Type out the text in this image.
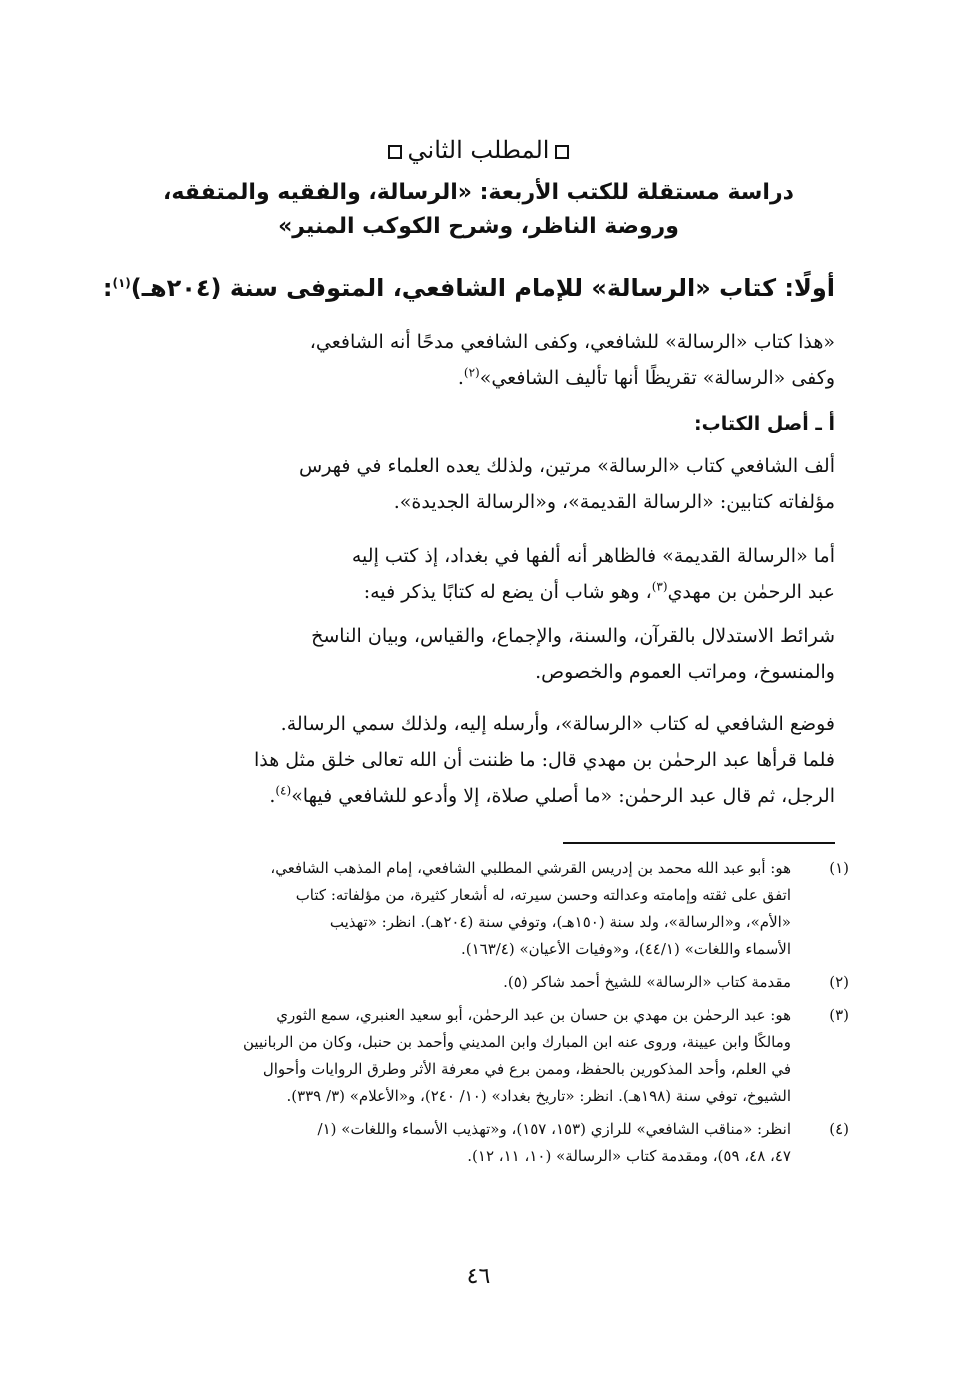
المطلب الثاني
دراسة مستقلة للكتب الأربعة: «الرسالة، والفقيه والمتفقه،
وروضة الناظر، وشرح الكوكب المنير»
أولًا: كتاب «الرسالة» للإمام الشافعي، المتوفى سنة (٢٠٤هـ)$^{(١)}$:
«هذا كتاب «الرسالة» للشافعي، وكفى الشافعي مدحًا أنه الشافعي،
وكفى «الرسالة» تقريظًا أنها تأليف الشافعي»$^{(٢)}$.
أ ـ أصل الكتاب:
ألف الشافعي كتاب «الرسالة» مرتين، ولذلك يعده العلماء في فهرس
مؤلفاته كتابين: «الرسالة القديمة»، و«الرسالة الجديدة».
أما «الرسالة القديمة» فالظاهر أنه ألفها في بغداد، إذ كتب إليه
عبد الرحمٰن بن مهدي$^{(٣)}$، وهو شاب أن يضع له كتابًا يذكر فيه:
شرائط الاستدلال بالقرآن، والسنة، والإجماع، والقياس، وبيان الناسخ
والمنسوخ، ومراتب العموم والخصوص.
فوضع الشافعي له كتاب «الرسالة»، وأرسله إليه، ولذلك سمي الرسالة.
فلما قرأها عبد الرحمٰن بن مهدي قال: ما ظننت أن الله تعالى خلق مثل هذا
الرجل، ثم قال عبد الرحمٰن: «ما أصلي صلاة، إلا وأدعو للشافعي فيها»$^{(٤)}$.
(١)
هو: أبو عبد الله محمد بن إدريس القرشي المطلبي الشافعي، إمام المذهب الشافعي،
اتفق على ثقته وإمامته وعدالته وحسن سيرته، له أشعار كثيرة، من مؤلفاته: كتاب
«الأم»، و«الرسالة»، ولد سنة (١٥٠هـ)، وتوفي سنة (٢٠٤هـ). انظر: «تهذيب
الأسماء واللغات» (٤٤/١)، و«وفيات الأعيان» (١٦٣/٤).
(٢)
مقدمة كتاب «الرسالة» للشيخ أحمد شاكر (٥).
(٣)
هو: عبد الرحمٰن بن مهدي بن حسان بن عبد الرحمٰن، أبو سعيد العنبري، سمع الثوري
ومالكًا وابن عيينة، وروى عنه ابن المبارك وابن المديني وأحمد بن حنبل، وكان من الربانيين
في العلم، وأحد المذكورين بالحفظ، وممن برع في معرفة الأثر وطرق الروايات وأحوال
الشيوخ، توفي سنة (١٩٨هـ). انظر: «تاريخ بغداد» (١٠/ ٢٤٠)، و«الأعلام» (٣/ ٣٣٩).
(٤)
انظر: «مناقب الشافعي» للرازي (١٥٣، ١٥٧)، و«تهذيب الأسماء واللغات» (١/
٤٧، ٤٨، ٥٩)، ومقدمة كتاب «الرسالة» (١٠، ١١، ١٢).
٤٦
